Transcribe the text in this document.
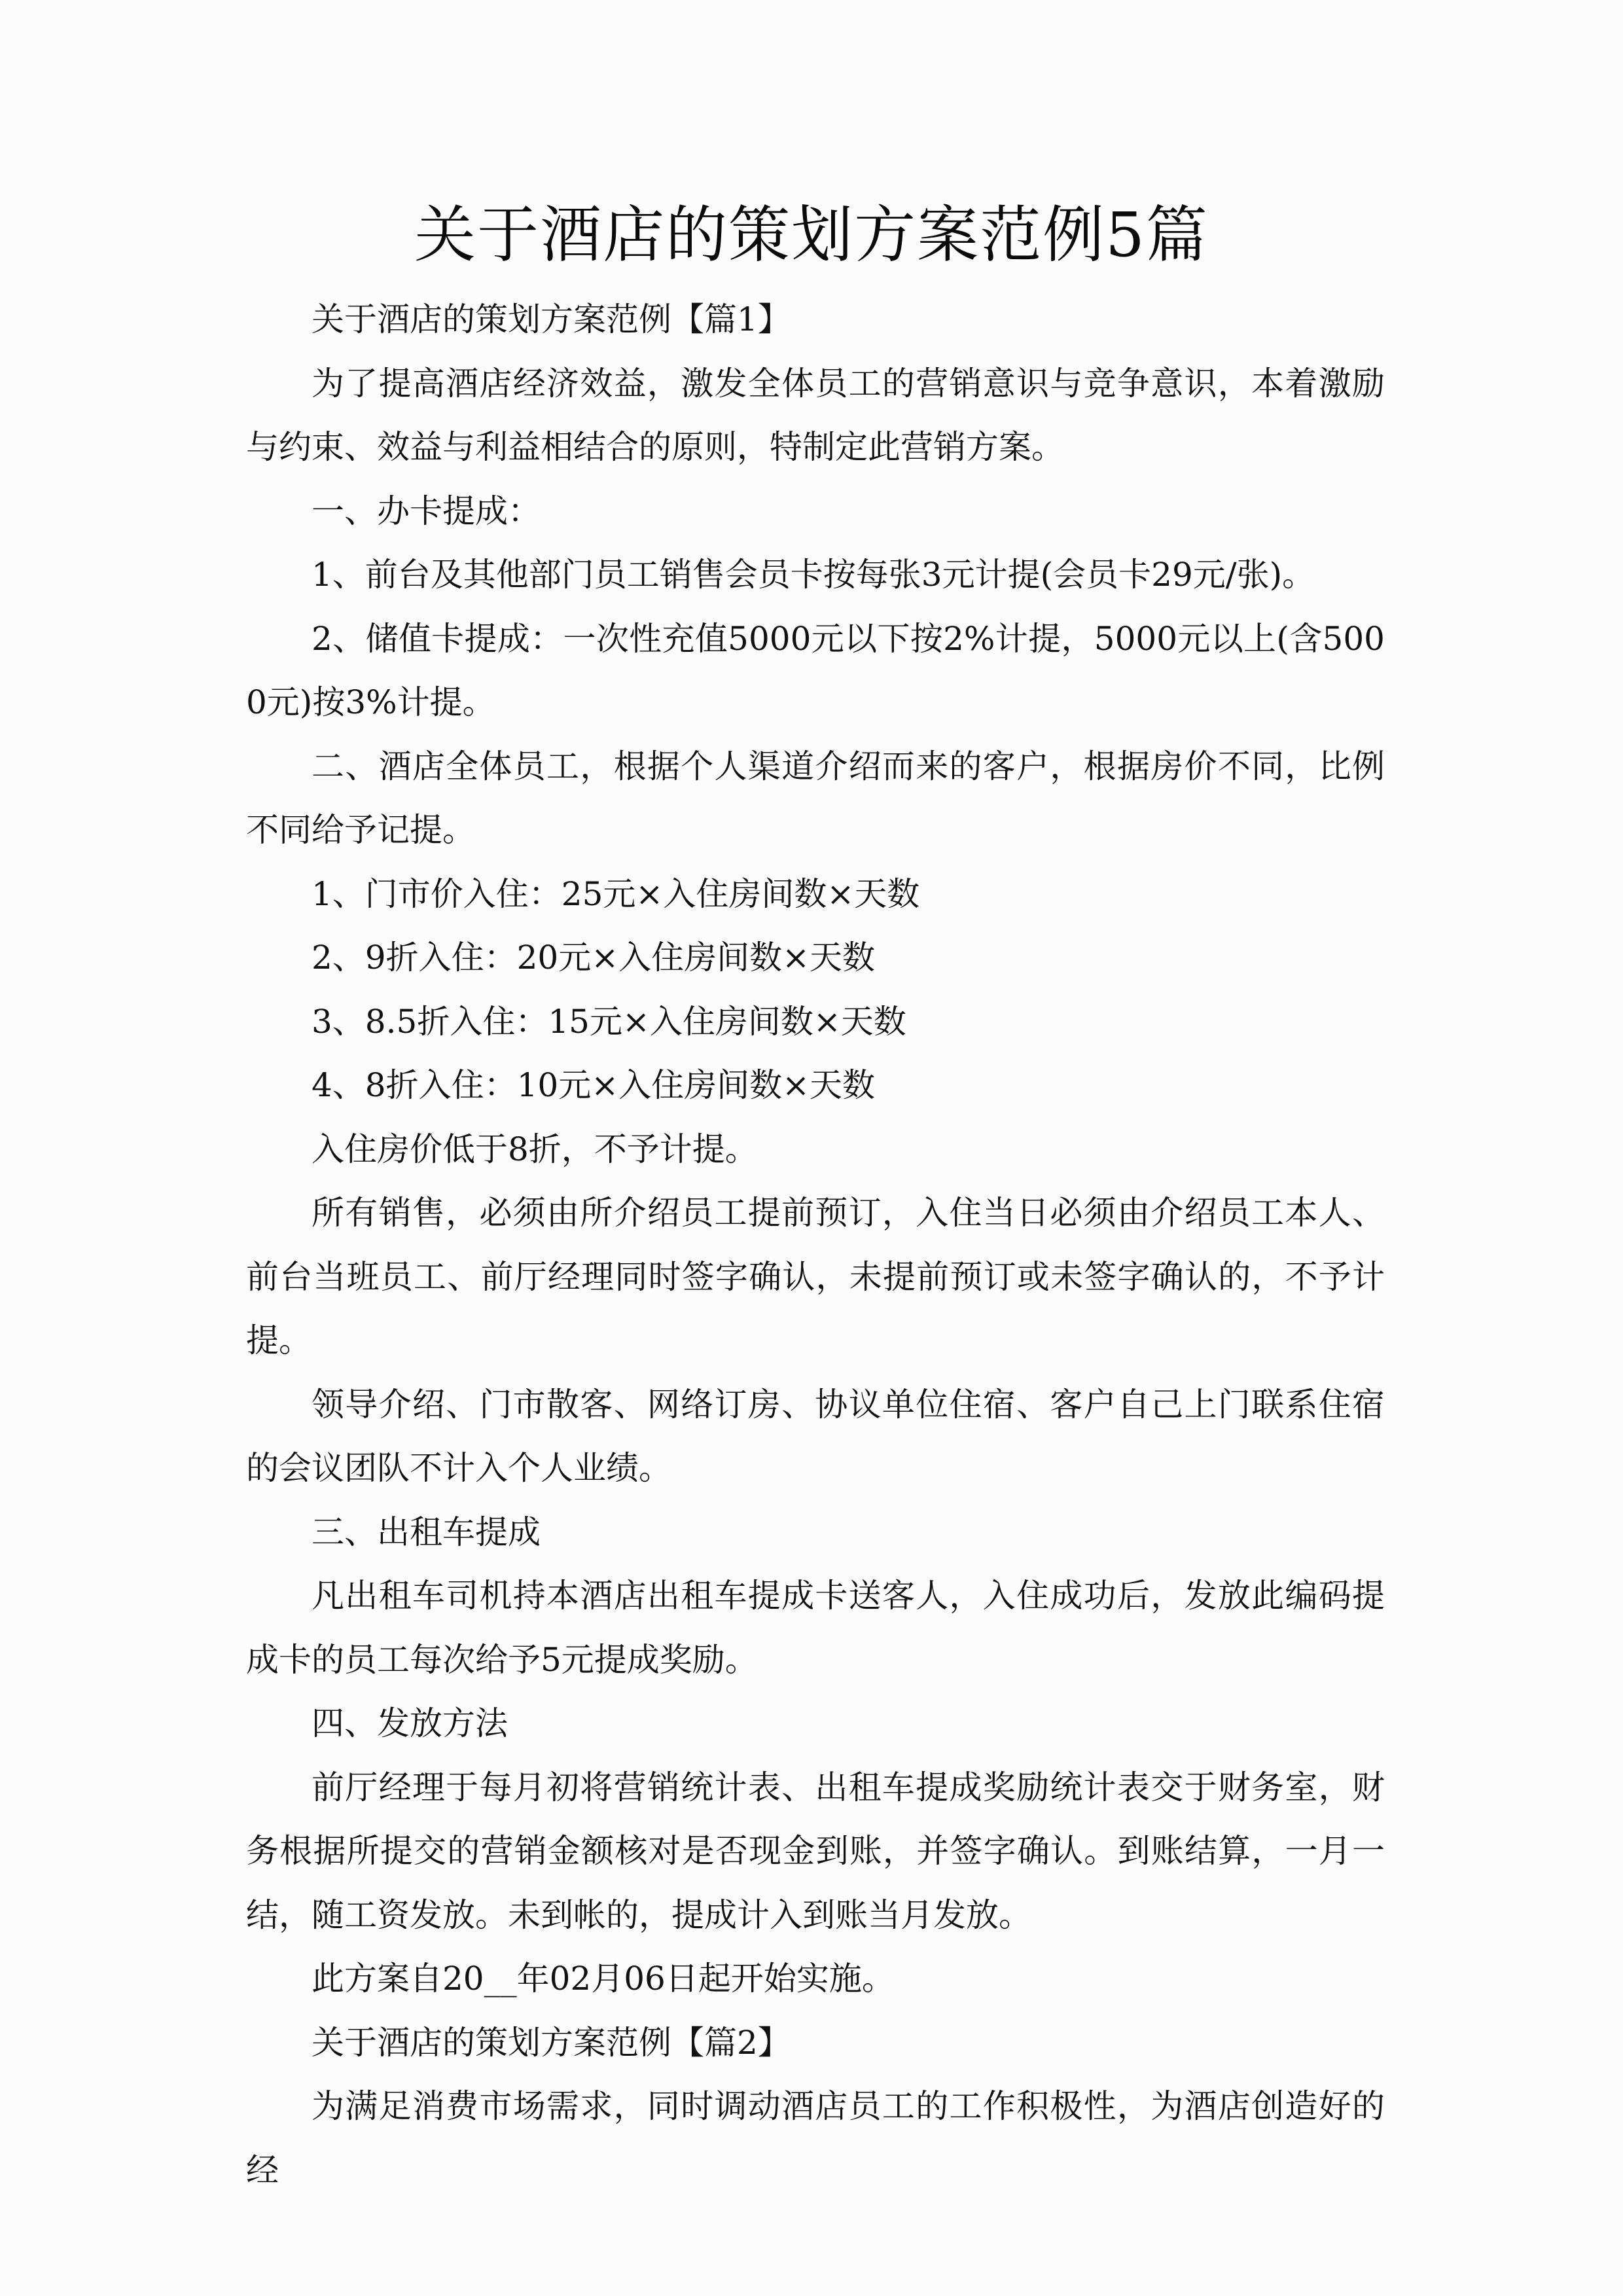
关于酒店的策划方案范例5篇

关于酒店的策划方案范例【篇1】

为了提高酒店经济效益，激发全体员工的营销意识与竞争意识，本着激励与约束、效益与利益相结合的原则，特制定此营销方案。

一、办卡提成：

1、前台及其他部门员工销售会员卡按每张3元计提(会员卡29元/张)。

2、储值卡提成：一次性充值5000元以下按2%计提，5000元以上(含5000元)按3%计提。

二、酒店全体员工，根据个人渠道介绍而来的客户，根据房价不同，比例不同给予记提。

1、门市价入住：25元×入住房间数×天数

2、9折入住：20元×入住房间数×天数

3、8.5折入住：15元×入住房间数×天数

4、8折入住：10元×入住房间数×天数

入住房价低于8折，不予计提。

所有销售，必须由所介绍员工提前预订，入住当日必须由介绍员工本人、前台当班员工、前厅经理同时签字确认，未提前预订或未签字确认的，不予计提。

领导介绍、门市散客、网络订房、协议单位住宿、客户自己上门联系住宿的会议团队不计入个人业绩。

三、出租车提成

凡出租车司机持本酒店出租车提成卡送客人，入住成功后，发放此编码提成卡的员工每次给予5元提成奖励。

四、发放方法

前厅经理于每月初将营销统计表、出租车提成奖励统计表交于财务室，财务根据所提交的营销金额核对是否现金到账，并签字确认。到账结算，一月一结，随工资发放。未到帐的，提成计入到账当月发放。

此方案自20__年02月06日起开始实施。

关于酒店的策划方案范例【篇2】

为满足消费市场需求，同时调动酒店员工的工作积极性，为酒店创造好的经
